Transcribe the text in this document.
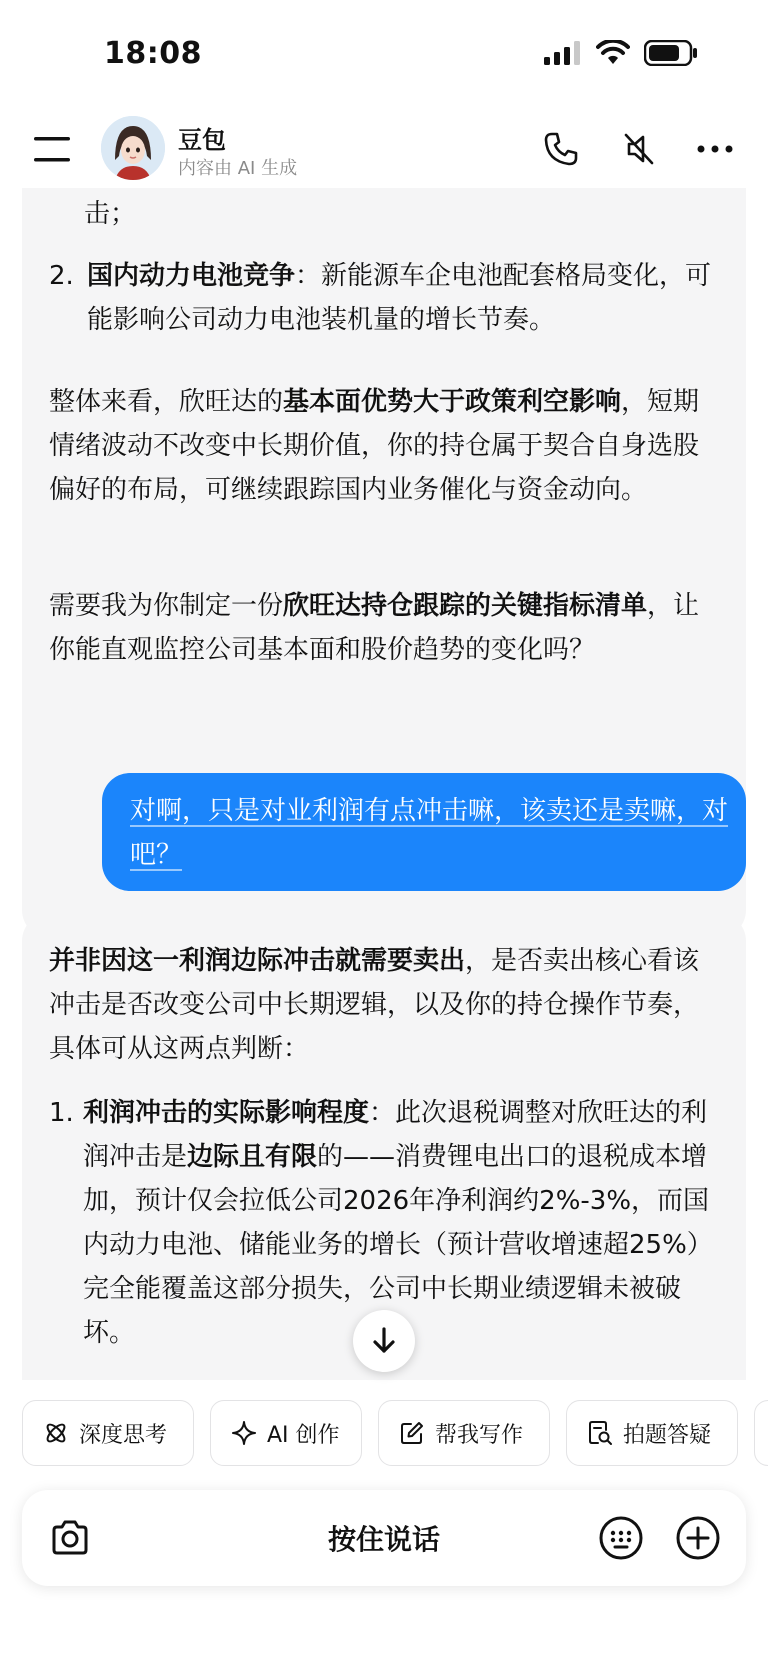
18:08
豆包
内容由 AI 生成
击；
2. 国内动力电池竞争：新能源车企电池配套格局变化，可能影响公司动力电池装机量的增长节奏。
整体来看，欣旺达的基本面优势大于政策利空影响，短期情绪波动不改变中长期价值，你的持仓属于契合自身选股偏好的布局，可继续跟踪国内业务催化与资金动向。
需要我为你制定一份欣旺达持仓跟踪的关键指标清单，让你能直观监控公司基本面和股价趋势的变化吗？
对啊，只是对业利润有点冲击嘛，该卖还是卖嘛，对吧？
并非因这一利润边际冲击就需要卖出，是否卖出核心看该冲击是否改变公司中长期逻辑，以及你的持仓操作节奏，具体可从这两点判断：
1. 利润冲击的实际影响程度：此次退税调整对欣旺达的利润冲击是边际且有限的——消费锂电出口的退税成本增加，预计仅会拉低公司2026年净利润约2%-3%，而国内动力电池、储能业务的增长（预计营收增速超25%）完全能覆盖这部分损失，公司中长期业绩逻辑未被破坏。
深度思考	AI 创作	帮我写作	拍题答疑
按住说话
